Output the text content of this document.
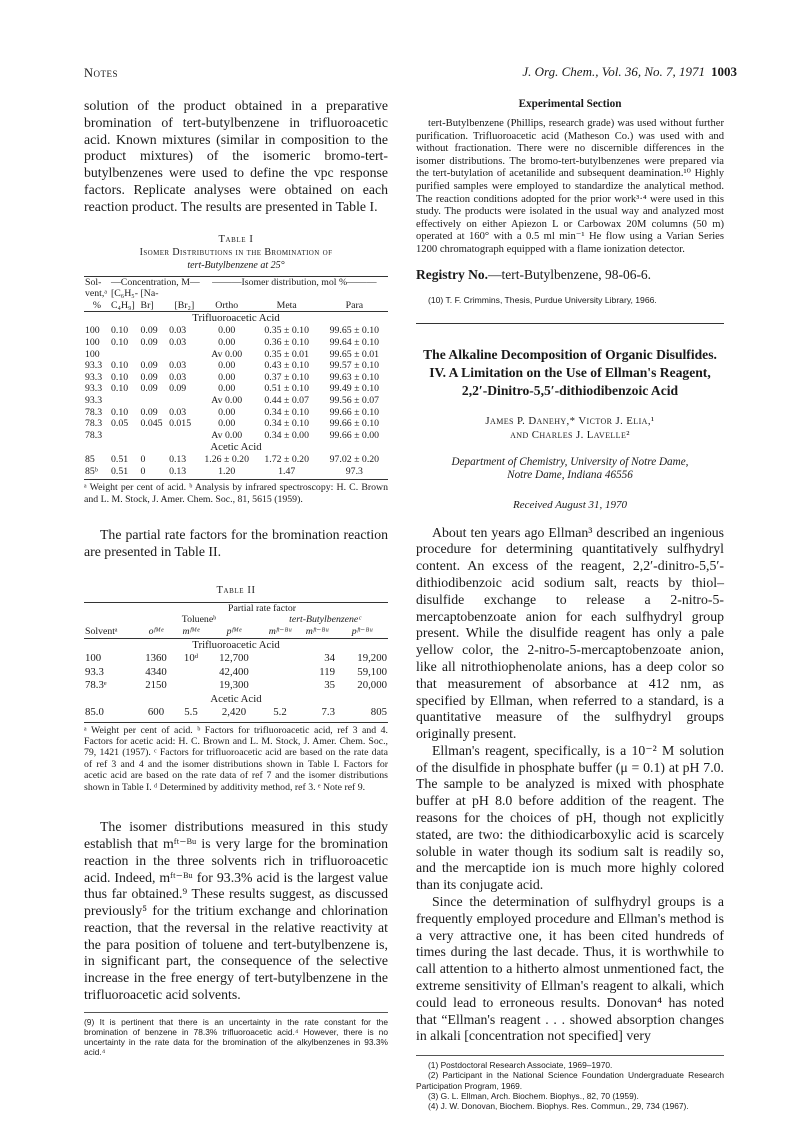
Notes	J. Org. Chem., Vol. 36, No. 7, 1971 1003

solution of the product obtained in a preparative bromination of tert-butylbenzene in trifluoroacetic acid. Known mixtures (similar in composition to the product mixtures) of the isomeric bromo-tert-butylbenzenes were used to define the vpc response factors. Replicate analyses were obtained on each reaction product. The results are presented in Table I.

Table I
Isomer Distributions in the Bromination of
tert-Butylbenzene at 25°
Sol-	—Concentration, M—			———Isomer distribution, mol %———		
vent,ᵃ	[C₆H₅-	[Na-				
%	C₄H₉]	Br]	[Br₂]	Ortho	Meta	Para
Trifluoroacetic Acid						
100	0.10	0.09	0.03	0.00	0.35 ± 0.10	99.65 ± 0.10
100	0.10	0.09	0.03	0.00	0.36 ± 0.10	99.64 ± 0.10
100				Av 0.00	0.35 ± 0.01	99.65 ± 0.01
93.3	0.10	0.09	0.03	0.00	0.43 ± 0.10	99.57 ± 0.10
93.3	0.10	0.09	0.03	0.00	0.37 ± 0.10	99.63 ± 0.10
93.3	0.10	0.09	0.09	0.00	0.51 ± 0.10	99.49 ± 0.10
93.3				Av 0.00	0.44 ± 0.07	99.56 ± 0.07
78.3	0.10	0.09	0.03	0.00	0.34 ± 0.10	99.66 ± 0.10
78.3	0.05	0.045	0.015	0.00	0.34 ± 0.10	99.66 ± 0.10
78.3				Av 0.00	0.34 ± 0.00	99.66 ± 0.00
Acetic Acid						
85	0.51	0	0.13	1.26 ± 0.20	1.72 ± 0.20	97.02 ± 0.20
85ᵇ	0.51	0	0.13	1.20	1.47	97.3
ᵃ Weight per cent of acid. ᵇ Analysis by infrared spectroscopy: H. C. Brown and L. M. Stock, J. Amer. Chem. Soc., 81, 5615 (1959).

The partial rate factors for the bromination reaction are presented in Table II.

Table II
	Partial rate factor					
	Tolueneᵇ			tert-Butylbenzeneᶜ		
Solventᵃ	oᶠᴹᵉ	mᶠᴹᵉ	pᶠᴹᵉ	mᶠᵗ⁻ᴮᵘ	mᶠᵗ⁻ᴮᵘ	pᶠᵗ⁻ᴮᵘ
Trifluoroacetic Acid						
100	1360	10ᵈ	12,700		34	19,200
93.3	4340		42,400		119	59,100
78.3ᵉ	2150		19,300		35	20,000
Acetic Acid						
85.0	600	5.5	2,420	5.2	7.3	805
ᵃ Weight per cent of acid. ᵇ Factors for trifluoroacetic acid, ref 3 and 4. Factors for acetic acid: H. C. Brown and L. M. Stock, J. Amer. Chem. Soc., 79, 1421 (1957). ᶜ Factors for trifluoroacetic acid are based on the rate data of ref 3 and 4 and the isomer distributions shown in Table I. Factors for acetic acid are based on the rate data of ref 7 and the isomer distributions shown in Table I. ᵈ Determined by additivity method, ref 3. ᵉ Note ref 9.

The isomer distributions measured in this study establish that mᶠᵗ⁻ᴮᵘ is very large for the bromination reaction in the three solvents rich in trifluoroacetic acid. Indeed, mᶠᵗ⁻ᴮᵘ for 93.3% acid is the largest value thus far obtained.⁹ These results suggest, as discussed previously⁵ for the tritium exchange and chlorination reaction, that the reversal in the relative reactivity at the para position of toluene and tert-butylbenzene is, in significant part, the consequence of the selective increase in the free energy of tert-butylbenzene in the trifluoroacetic acid solvents.

(9) It is pertinent that there is an uncertainty in the rate constant for the bromination of benzene in 78.3% trifluoroacetic acid.⁴ However, there is no uncertainty in the rate data for the bromination of the alkylbenzenes in 93.3% acid.⁴
Experimental Section

tert-Butylbenzene (Phillips, research grade) was used without further purification. Trifluoroacetic acid (Matheson Co.) was used with and without fractionation. There were no discernible differences in the isomer distributions. The bromo-tert-butylbenzenes were prepared via the tert-butylation of acetanilide and subsequent deamination.¹⁰ Highly purified samples were employed to standardize the analytical method. The reaction conditions adopted for the prior work³·⁴ were used in this study. The products were isolated in the usual way and analyzed most effectively on either Apiezon L or Carbowax 20M columns (50 m) operated at 160° with a 0.5 ml min⁻¹ He flow using a Varian Series 1200 chromatograph equipped with a flame ionization detector.

Registry No.—tert-Butylbenzene, 98-06-6.
(10) T. F. Crimmins, Thesis, Purdue University Library, 1966.
The Alkaline Decomposition of Organic Disulfides. IV. A Limitation on the Use of Ellman's Reagent, 2,2′-Dinitro-5,5′-dithiodibenzoic Acid
James P. Danehy,* Victor J. Elia,¹
and Charles J. Lavelle²
Department of Chemistry, University of Notre Dame,
Notre Dame, Indiana 46556
Received August 31, 1970

About ten years ago Ellman³ described an ingenious procedure for determining quantitatively sulfhydryl content. An excess of the reagent, 2,2′-dinitro-5,5′-dithiodibenzoic acid sodium salt, reacts by thiol–disulfide exchange to release a 2-nitro-5-mercaptobenzoate anion for each sulfhydryl group present. While the disulfide reagent has only a pale yellow color, the 2-nitro-5-mercaptobenzoate anion, like all nitrothiophenolate anions, has a deep color so that measurement of absorbance at 412 nm, as specified by Ellman, when referred to a standard, is a quantitative measure of the sulfhydryl groups originally present.

Ellman's reagent, specifically, is a 10⁻² M solution of the disulfide in phosphate buffer (μ = 0.1) at pH 7.0. The sample to be analyzed is mixed with phosphate buffer at pH 8.0 before addition of the reagent. The reasons for the choices of pH, though not explicitly stated, are two: the dithiodicarboxylic acid is scarcely soluble in water though its sodium salt is readily so, and the mercaptide ion is much more highly colored than its conjugate acid.

Since the determination of sulfhydryl groups is a frequently employed procedure and Ellman's method is a very attractive one, it has been cited hundreds of times during the last decade. Thus, it is worthwhile to call attention to a hitherto almost unmentioned fact, the extreme sensitivity of Ellman's reagent to alkali, which could lead to erroneous results. Donovan⁴ has noted that “Ellman's reagent . . . showed absorption changes in alkali [concentration not specified] very

(1) Postdoctoral Research Associate, 1969–1970.
(2) Participant in the National Science Foundation Undergraduate Research Participation Program, 1969.
(3) G. L. Ellman, Arch. Biochem. Biophys., 82, 70 (1959).
(4) J. W. Donovan, Biochem. Biophys. Res. Commun., 29, 734 (1967).
